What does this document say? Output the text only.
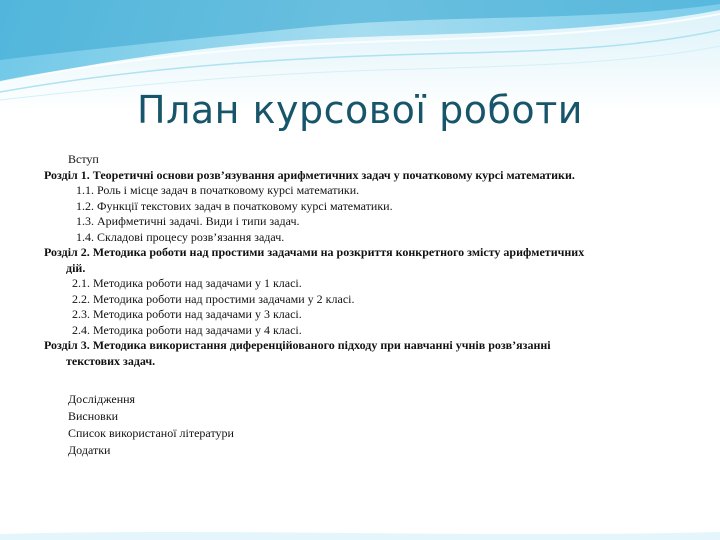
План курсової роботи
Вступ
Розділ 1. Теоретичні основи розв’язування арифметичних задач у початковому курсі математики.
1.1. Роль і місце задач в початковому курсі математики.
1.2. Функції текстових задач в початковому курсі математики.
1.3. Арифметичні задачі. Види і типи задач.
1.4. Складові процесу розв’язання задач.
Розділ 2. Методика роботи над простими задачами на розкриття конкретного змісту арифметичних
дій.
2.1. Методика роботи над задачами у 1 класі.
2.2. Методика роботи над простими задачами у 2 класі.
2.3. Методика роботи над задачами у 3 класі.
2.4. Методика роботи над задачами у 4 класі.
Розділ 3. Методика використання диференційованого підходу при навчанні учнів розв’язанні
текстових задач.
Дослідження
Висновки
Список використаної літератури
Додатки
